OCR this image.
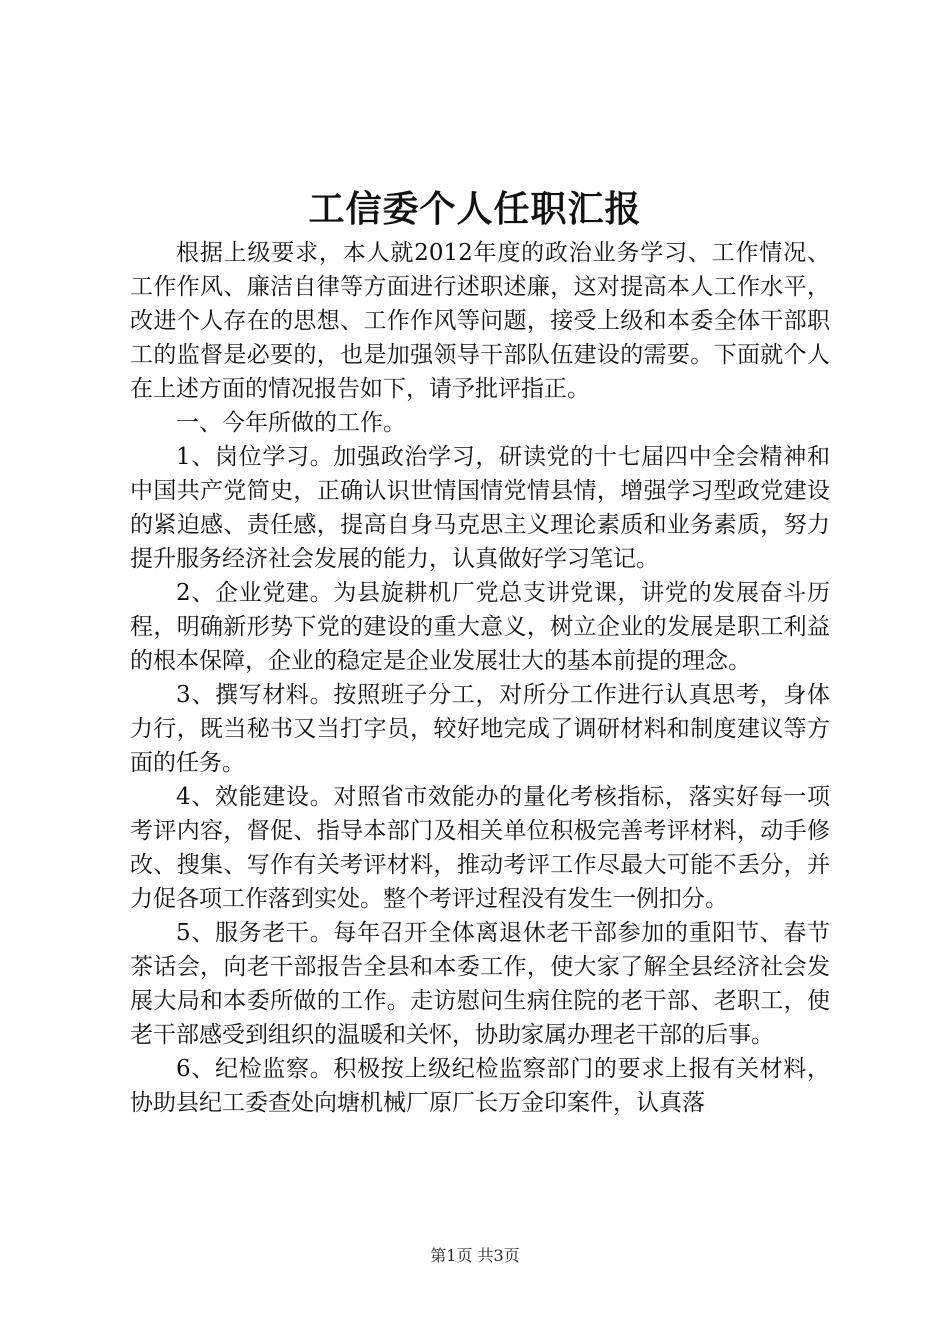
工信委个人任职汇报

根据上级要求，本人就2012年度的政治业务学习、工作情况、工作作风、廉洁自律等方面进行述职述廉，这对提高本人工作水平，改进个人存在的思想、工作作风等问题，接受上级和本委全体干部职工的监督是必要的，也是加强领导干部队伍建设的需要。下面就个人在上述方面的情况报告如下，请予批评指正。

一、今年所做的工作。

1、岗位学习。加强政治学习，研读党的十七届四中全会精神和中国共产党简史，正确认识世情国情党情县情，增强学习型政党建设的紧迫感、责任感，提高自身马克思主义理论素质和业务素质，努力提升服务经济社会发展的能力，认真做好学习笔记。

2、企业党建。为县旋耕机厂党总支讲党课，讲党的发展奋斗历程，明确新形势下党的建设的重大意义，树立企业的发展是职工利益的根本保障，企业的稳定是企业发展壮大的基本前提的理念。

3、撰写材料。按照班子分工，对所分工作进行认真思考，身体力行，既当秘书又当打字员，较好地完成了调研材料和制度建议等方面的任务。

4、效能建设。对照省市效能办的量化考核指标，落实好每一项考评内容，督促、指导本部门及相关单位积极完善考评材料，动手修改、搜集、写作有关考评材料，推动考评工作尽最大可能不丢分，并力促各项工作落到实处。整个考评过程没有发生一例扣分。

5、服务老干。每年召开全体离退休老干部参加的重阳节、春节茶话会，向老干部报告全县和本委工作，使大家了解全县经济社会发展大局和本委所做的工作。走访慰问生病住院的老干部、老职工，使老干部感受到组织的温暖和关怀，协助家属办理老干部的后事。

6、纪检监察。积极按上级纪检监察部门的要求上报有关材料，协助县纪工委查处向塘机械厂原厂长万金印案件，认真落

第1页 共3页
